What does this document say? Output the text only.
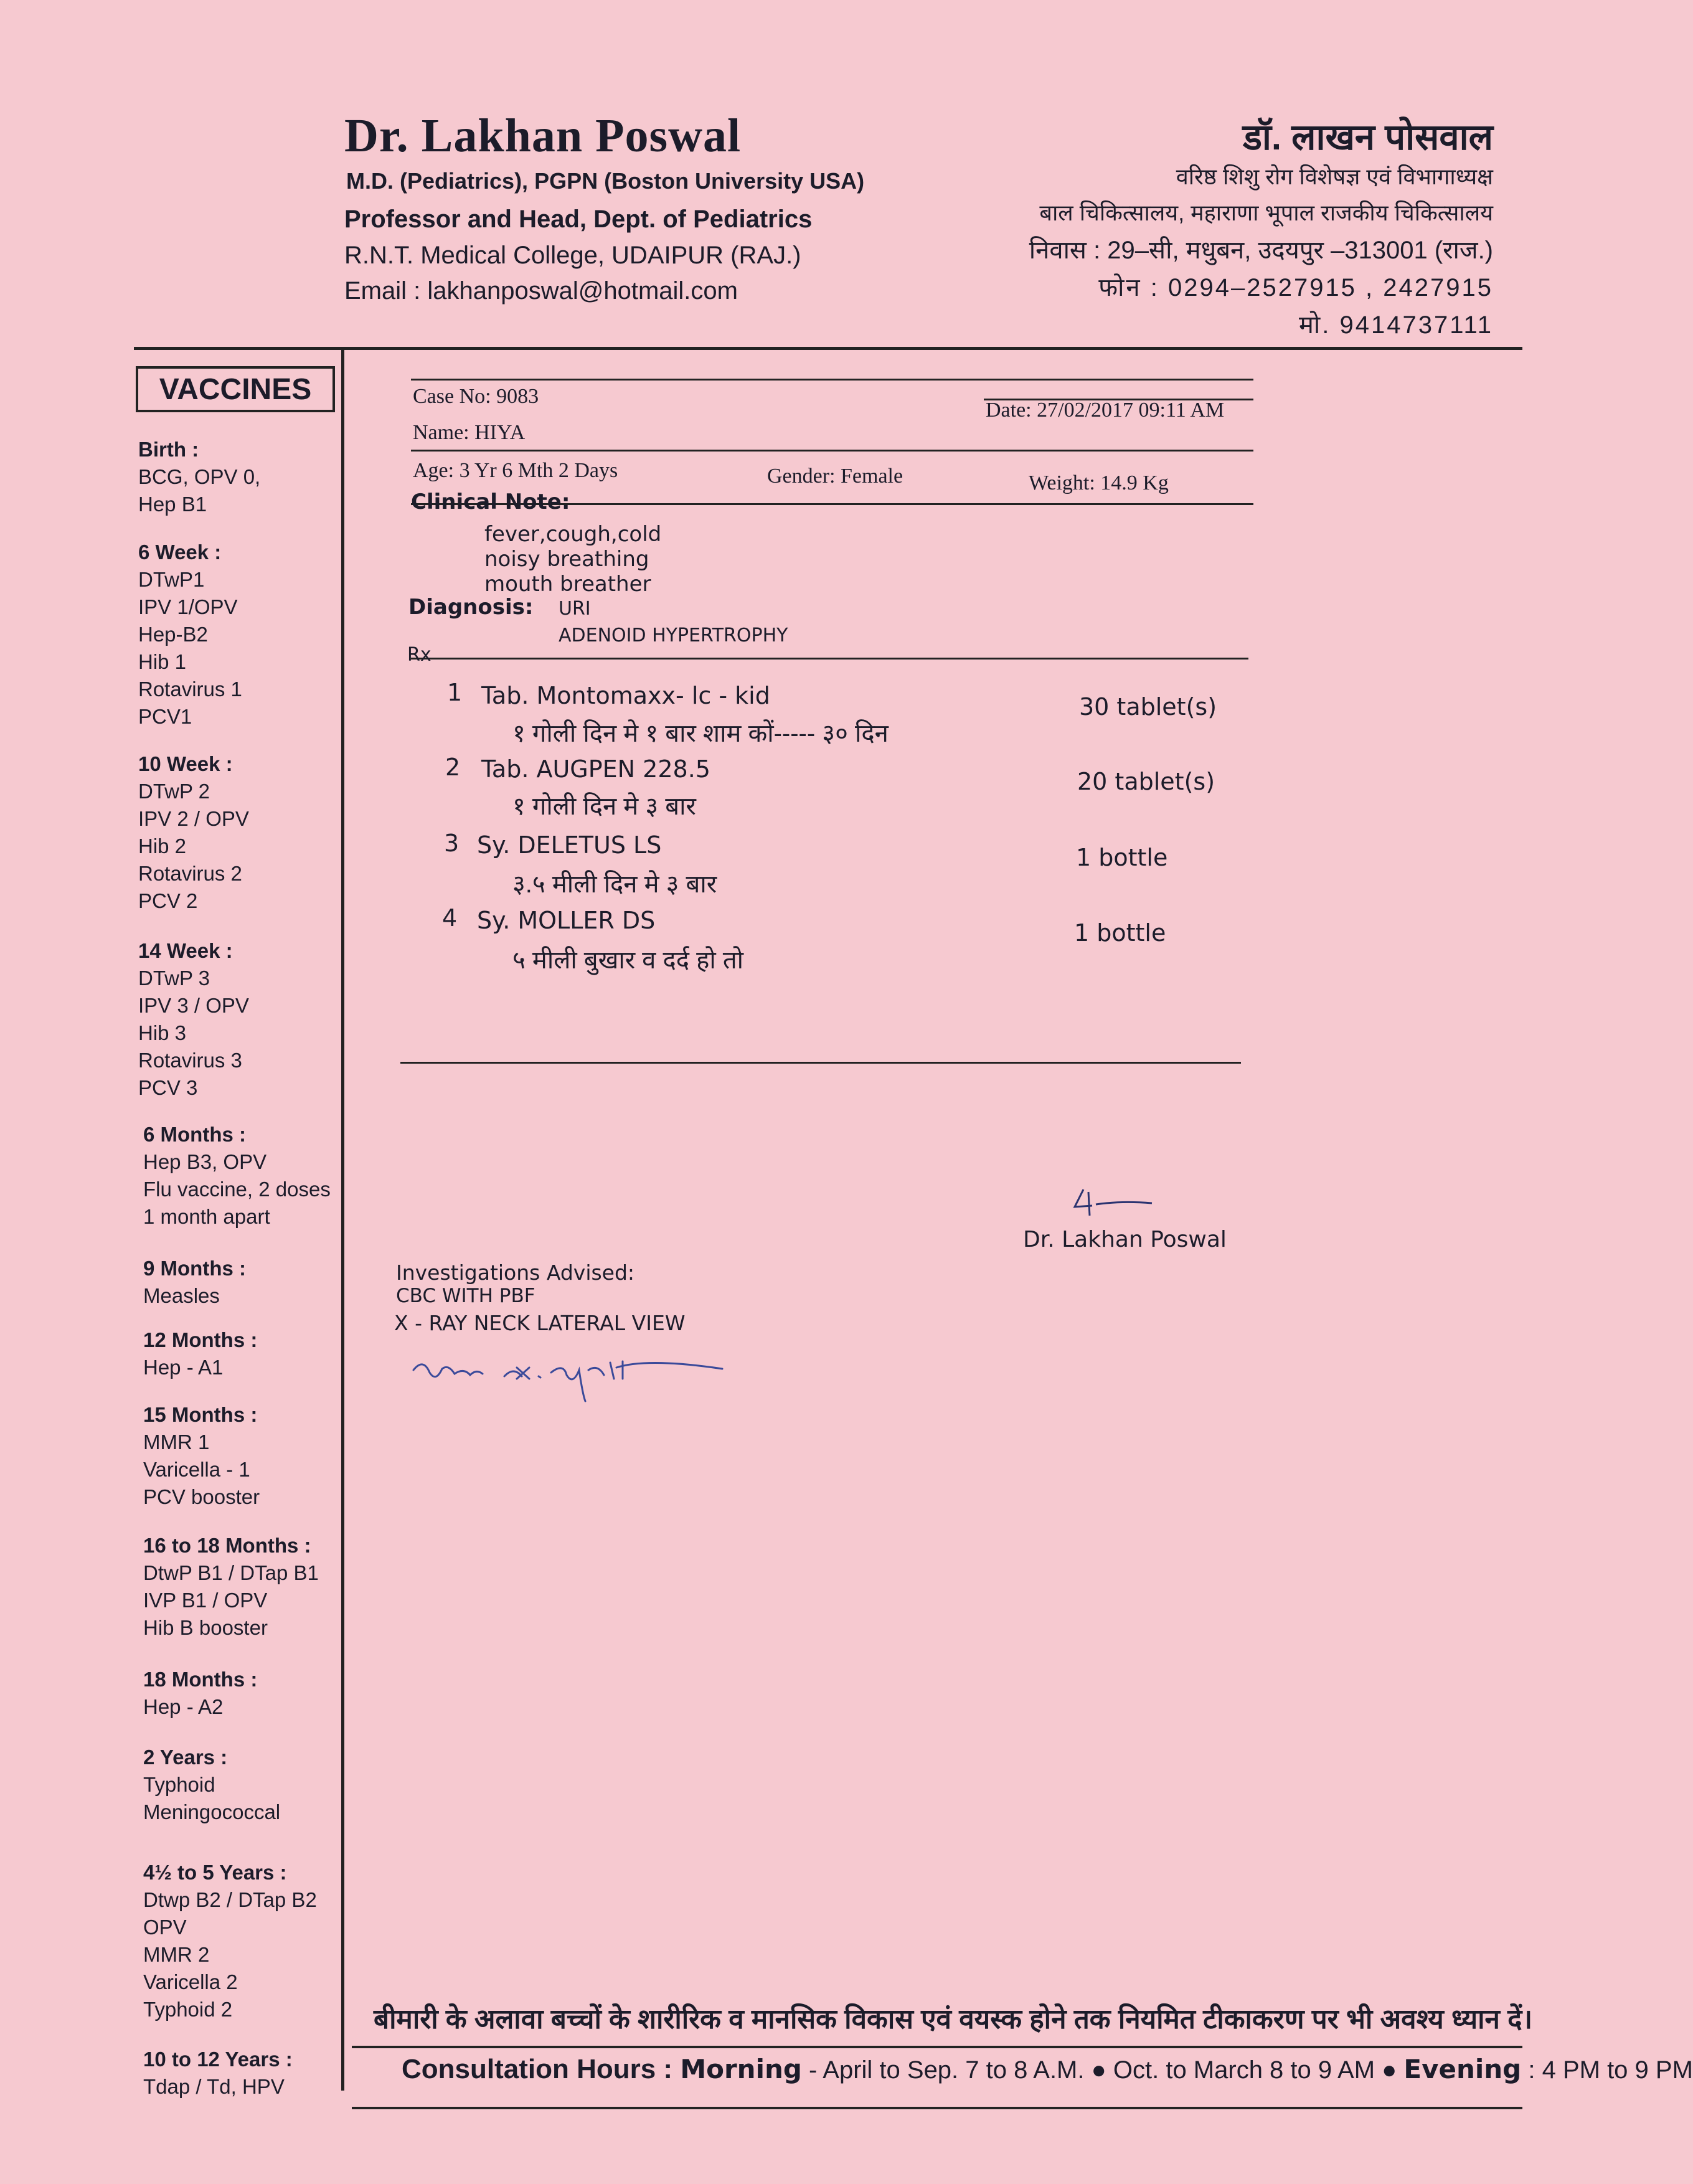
Dr. Lakhan Poswal
M.D. (Pediatrics), PGPN (Boston University USA)
Professor and Head, Dept. of Pediatrics
R.N.T. Medical College, UDAIPUR (RAJ.)
Email : lakhanposwal@hotmail.com
डॉ. लाखन पोसवाल
वरिष्ठ शिशु रोग विशेषज्ञ एवं विभागाध्यक्ष
बाल चिकित्सालय, महाराणा भूपाल राजकीय चिकित्सालय
निवास : 29–सी, मधुबन, उदयपुर –313001 (राज.)
फोन : 0294–2527915 , 2427915
मो. 9414737111
VACCINES
Birth :
BCG, OPV 0,
Hep B1
6 Week :
DTwP1
IPV 1/OPV
Hep-B2
Hib 1
Rotavirus 1
PCV1
10 Week :
DTwP 2
IPV 2 / OPV
Hib 2
Rotavirus 2
PCV 2
14 Week :
DTwP 3
IPV 3 / OPV
Hib 3
Rotavirus 3
PCV 3
6 Months :
Hep B3, OPV
Flu vaccine, 2 doses
1 month apart
9 Months :
Measles
12 Months :
Hep - A1
15 Months :
MMR 1
Varicella - 1
PCV booster
16 to 18 Months :
DtwP B1 / DTap B1
IVP B1 / OPV
Hib B booster
18 Months :
Hep - A2
2 Years :
Typhoid
Meningococcal
4½ to 5 Years :
Dtwp B2 / DTap B2
OPV
MMR 2
Varicella 2
Typhoid 2
10 to 12 Years :
Tdap / Td, HPV
Case No: 9083
Date: 27/02/2017 09:11 AM
Name: HIYA
Age: 3 Yr 6 Mth 2 Days	Gender: Female	Weight: 14.9 Kg
Clinical Note:
fever,cough,cold
noisy breathing
mouth breather
Diagnosis: URI
ADENOID HYPERTROPHY
Rx
1 Tab. Montomaxx- lc - kid	30 tablet(s)
१ गोली दिन मे १ बार शाम कों----- ३० दिन
2 Tab. AUGPEN 228.5	20 tablet(s)
१ गोली दिन मे ३ बार
3 Sy. DELETUS LS	1 bottle
३.५ मीली दिन मे ३ बार
4 Sy. MOLLER DS	1 bottle
५ मीली बुखार व दर्द हो तो
Dr. Lakhan Poswal
Investigations Advised:
CBC WITH PBF
X - RAY NECK LATERAL VIEW
बीमारी के अलावा बच्चों के शारीरिक व मानसिक विकास एवं वयस्क होने तक नियमित टीकाकरण पर भी अवश्य ध्यान दें।
Consultation Hours : Morning - April to Sep. 7 to 8 A.M. ● Oct. to March 8 to 9 AM ● Evening : 4 PM to 9 PM
